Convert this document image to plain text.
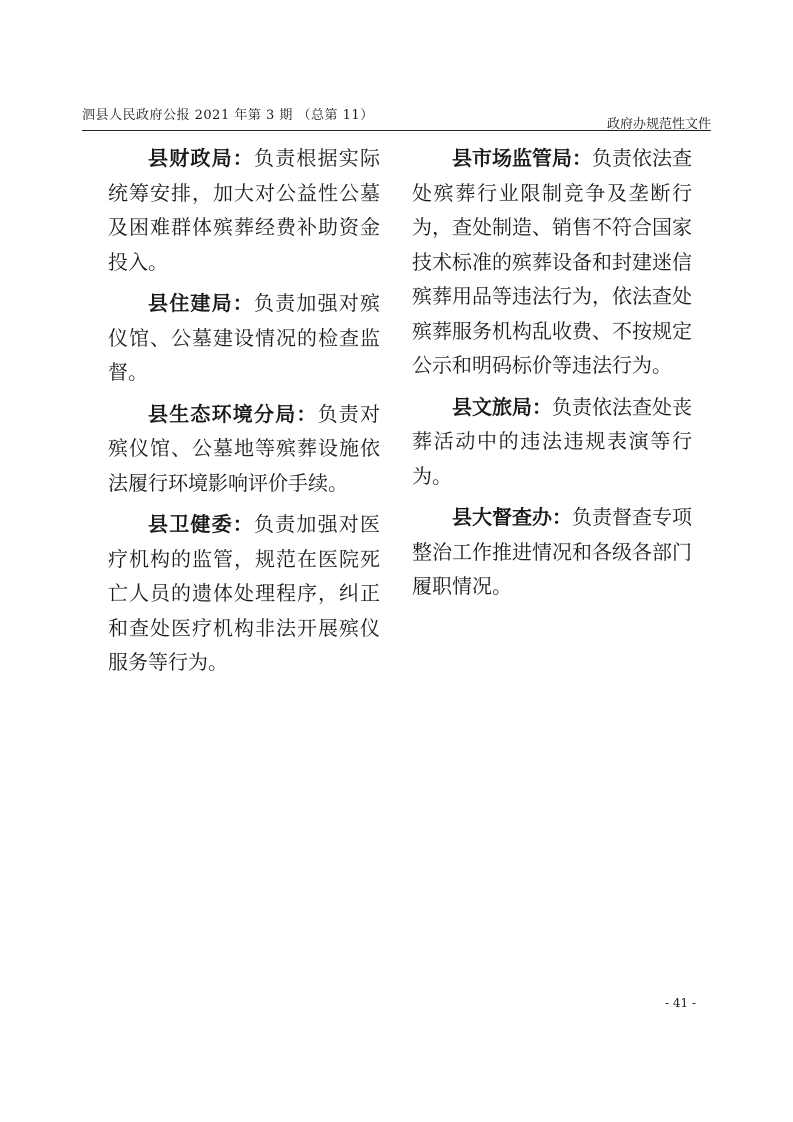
泗县人民政府公报 2021 年第 3 期 （总第 11）
政府办规范性文件

县财政局：负责根据实际统筹安排，加大对公益性公墓及困难群体殡葬经费补助资金投入。

县住建局：负责加强对殡仪馆、公墓建设情况的检查监督。

县生态环境分局：负责对殡仪馆、公墓地等殡葬设施依法履行环境影响评价手续。

县卫健委：负责加强对医疗机构的监管，规范在医院死亡人员的遗体处理程序，纠正和查处医疗机构非法开展殡仪服务等行为。

县市场监管局：负责依法查处殡葬行业限制竞争及垄断行为，查处制造、销售不符合国家技术标准的殡葬设备和封建迷信殡葬用品等违法行为，依法查处殡葬服务机构乱收费、不按规定公示和明码标价等违法行为。

县文旅局：负责依法查处丧葬活动中的违法违规表演等行为。

县大督查办：负责督查专项整治工作推进情况和各级各部门履职情况。

- 41 -
